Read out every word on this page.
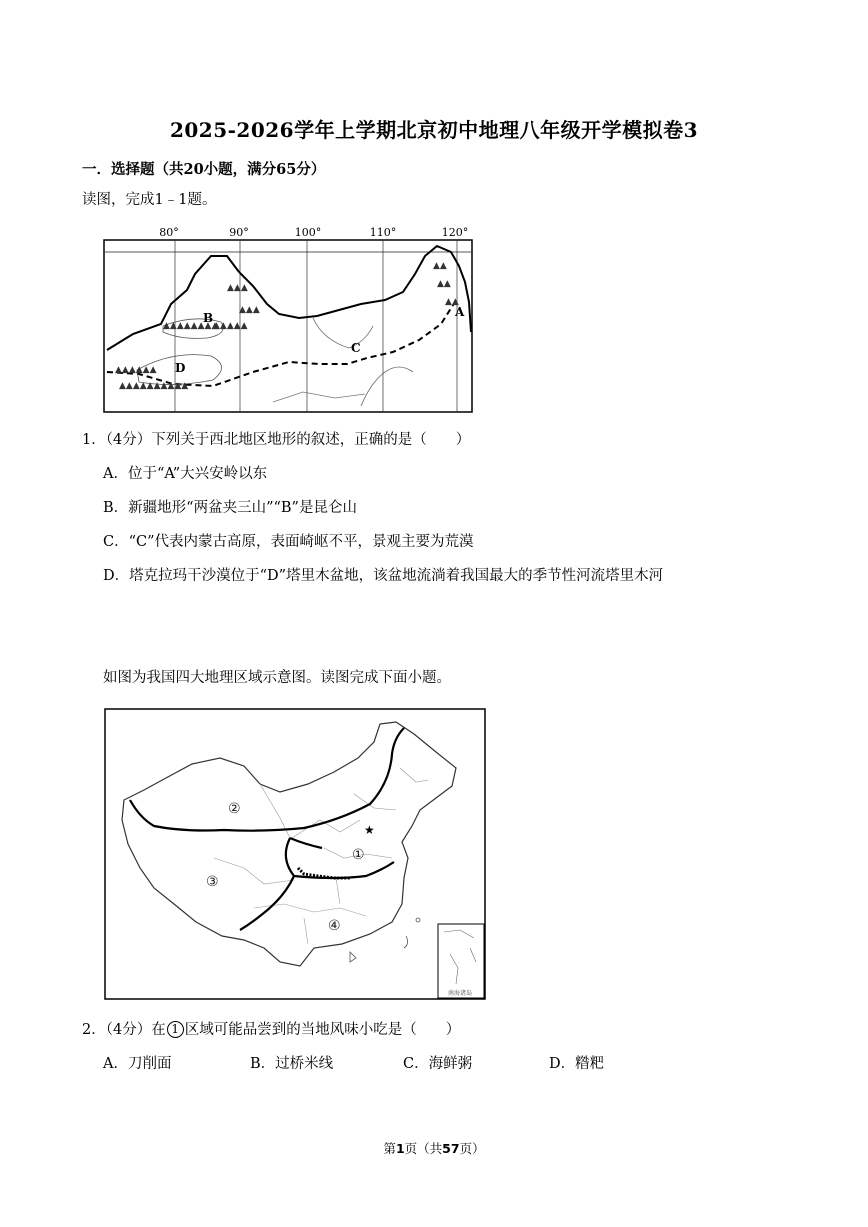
2025-2026学年上学期北京初中地理八年级开学模拟卷3
一．选择题（共20小题，满分65分）
读图，完成1﹣1题。
80°	90°	100°	110°	120°
▲▲▲▲▲▲▲▲
▲▲▲▲▲
▲▲▲
▲▲▲
▲▲▲▲▲▲
▲▲▲▲▲▲▲▲▲▲
▲▲
▲▲
▲▲
A
B
C
D
1．（4分）下列关于西北地区地形的叙述，正确的是（　　）
A．位于“A”大兴安岭以东
B．新疆地形“两盆夹三山”“B”是昆仑山
C．“C”代表内蒙古高原，表面崎岖不平，景观主要为荒漠
D．塔克拉玛干沙漠位于“D”塔里木盆地，该盆地流淌着我国最大的季节性河流塔里木河
如图为我国四大地理区域示意图。读图完成下面小题。
★
南海诸岛
①
②
③
④
2．（4分）在 1 区域可能品尝到的当地风味小吃是（　　）
A．刀削面	B．过桥米线	C．海鲜粥	D．糌粑
第1页（共57页）
